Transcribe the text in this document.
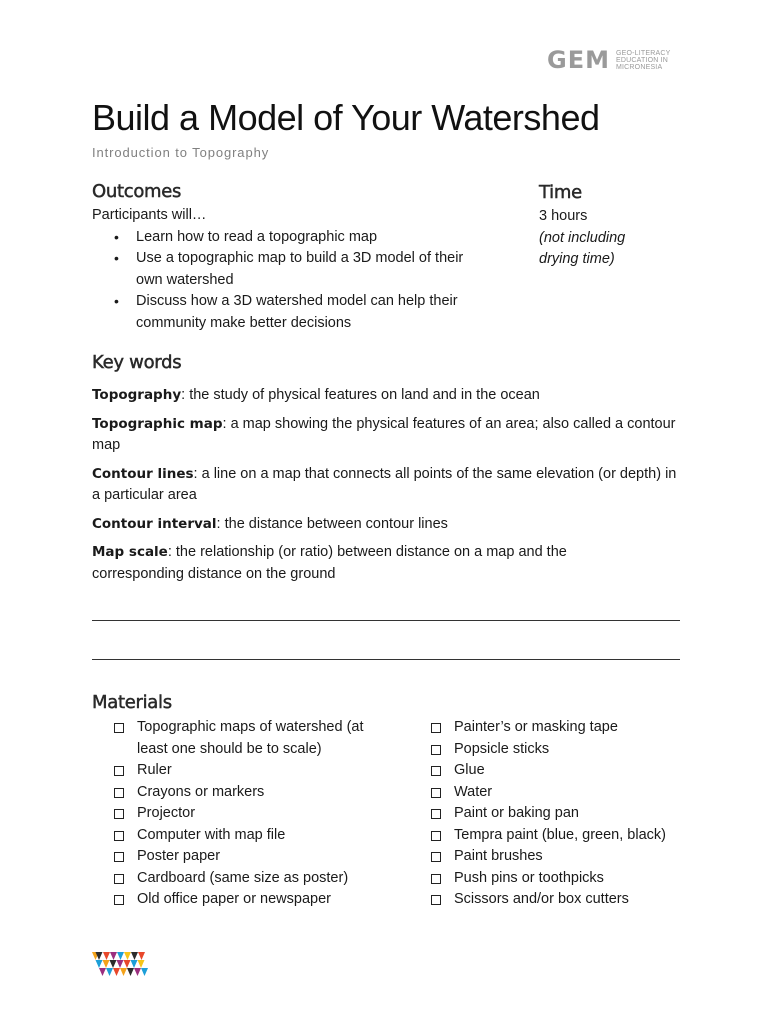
GEM GEO-LITERACY
EDUCATION IN
MICRONESIA
Build a Model of Your Watershed
Introduction to Topography
Outcomes
Participants will…
• Learn how to read a topographic map
• Use a topographic map to build a 3D model of their own watershed
• Discuss how a 3D watershed model can help their community make better decisions
Time
3 hours
(not including drying time)
Key words

Topography: the study of physical features on land and in the ocean

Topographic map: a map showing the physical features of an area; also called a contour map

Contour lines: a line on a map that connects all points of the same elevation (or depth) in a particular area

Contour interval: the distance between contour lines

Map scale: the relationship (or ratio) between distance on a map and the corresponding distance on the ground

Materials
Topographic maps of watershed (at least one should be to scale)
Ruler
Crayons or markers
Projector
Computer with map file
Poster paper
Cardboard (same size as poster)
Old office paper or newspaper
Painter’s or masking tape
Popsicle sticks
Glue
Water
Paint or baking pan
Tempra paint (blue, green, black)
Paint brushes
Push pins or toothpicks
Scissors and/or box cutters
